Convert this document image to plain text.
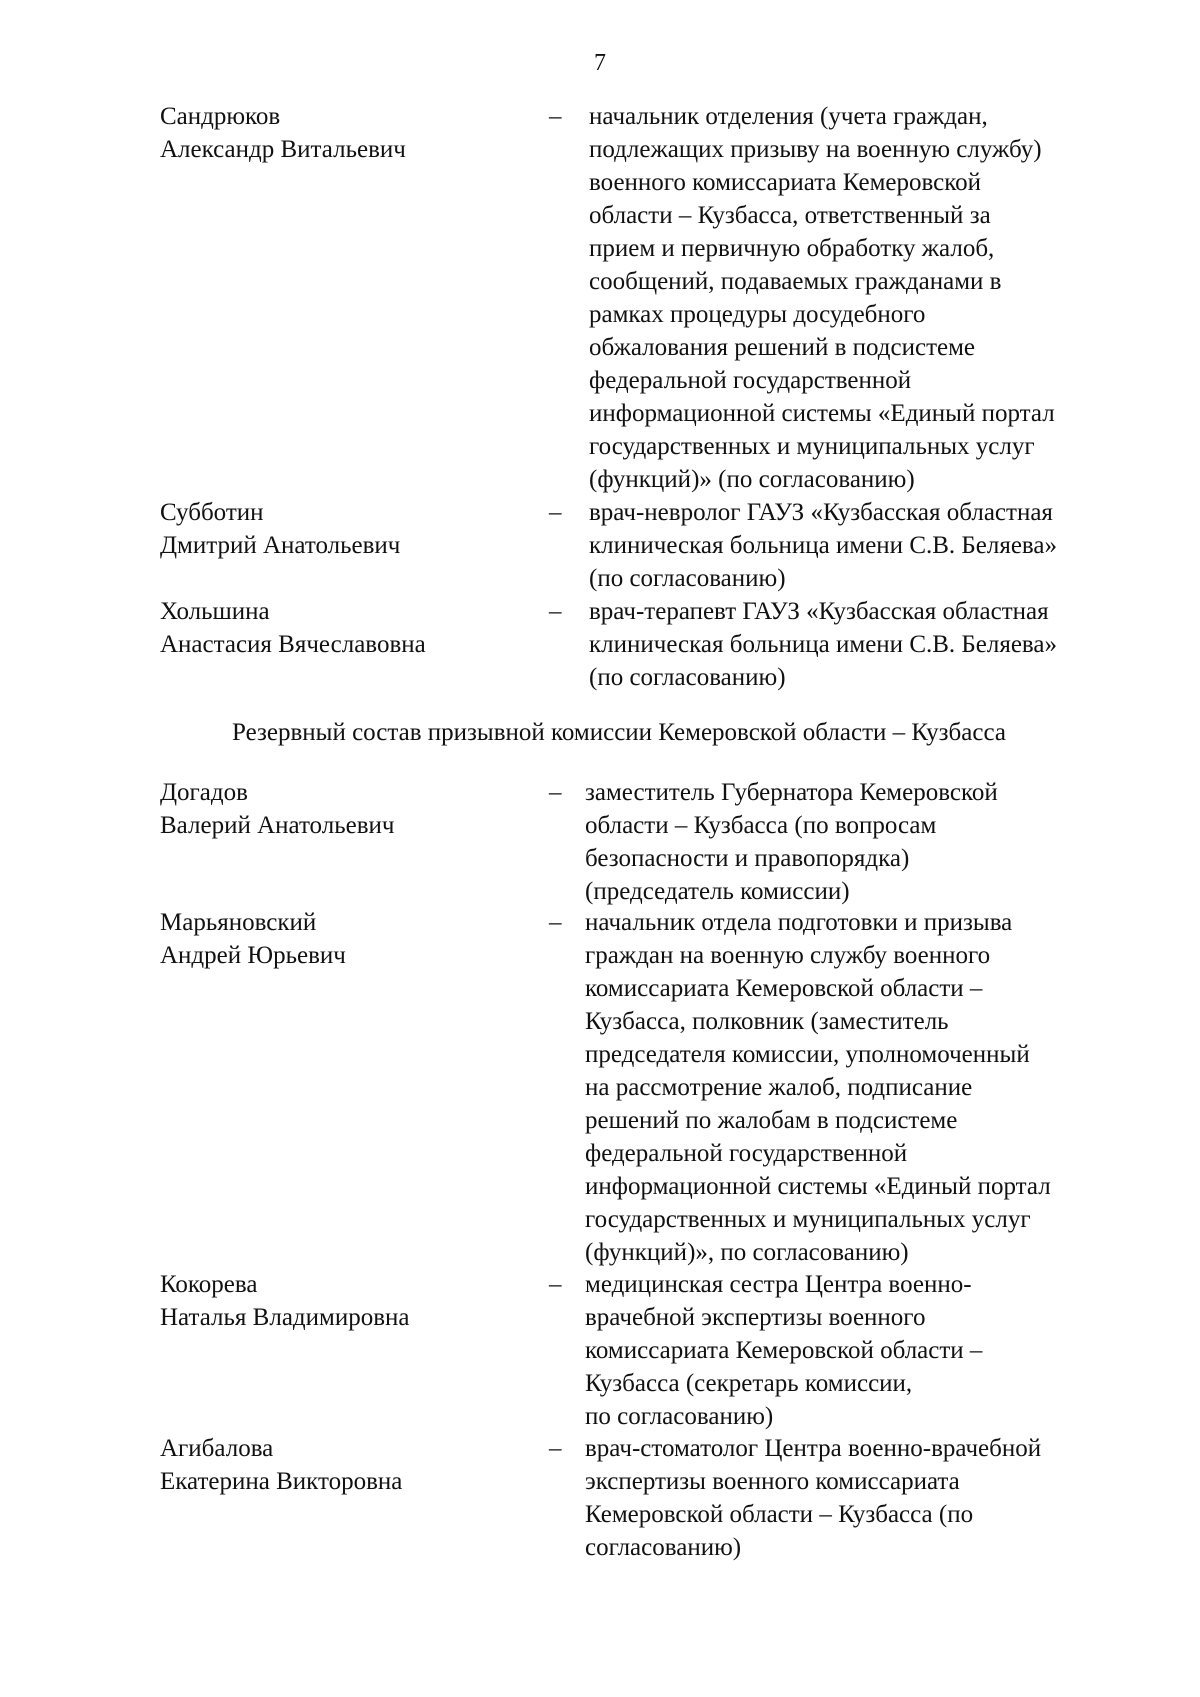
7
Сандрюков
Александр Витальевич
– начальник отделения (учета граждан,
подлежащих призыву на военную службу)
военного комиссариата Кемеровской
области – Кузбасса, ответственный за
прием и первичную обработку жалоб,
сообщений, подаваемых гражданами в
рамках процедуры досудебного
обжалования решений в подсистеме
федеральной государственной
информационной системы «Единый портал
государственных и муниципальных услуг
(функций)» (по согласованию)
Субботин
Дмитрий Анатольевич
– врач-невролог ГАУЗ «Кузбасская областная
клиническая больница имени С.В. Беляева»
(по согласованию)
Хольшина
Анастасия Вячеславовна
– врач-терапевт ГАУЗ «Кузбасская областная
клиническая больница имени С.В. Беляева»
(по согласованию)
Резервный состав призывной комиссии Кемеровской области – Кузбасса
Догадов
Валерий Анатольевич
– заместитель Губернатора Кемеровской
области – Кузбасса (по вопросам
безопасности и правопорядка)
(председатель комиссии)
Марьяновский
Андрей Юрьевич
– начальник отдела подготовки и призыва
граждан на военную службу военного
комиссариата Кемеровской области –
Кузбасса, полковник (заместитель
председателя комиссии, уполномоченный
на рассмотрение жалоб, подписание
решений по жалобам в подсистеме
федеральной государственной
информационной системы «Единый портал
государственных и муниципальных услуг
(функций)», по согласованию)
Кокорева
Наталья Владимировна
– медицинская сестра Центра военно-
врачебной экспертизы военного
комиссариата Кемеровской области –
Кузбасса (секретарь комиссии,
по согласованию)
Агибалова
Екатерина Викторовна
– врач-стоматолог Центра военно-врачебной
экспертизы военного комиссариата
Кемеровской области – Кузбасса (по
согласованию)
